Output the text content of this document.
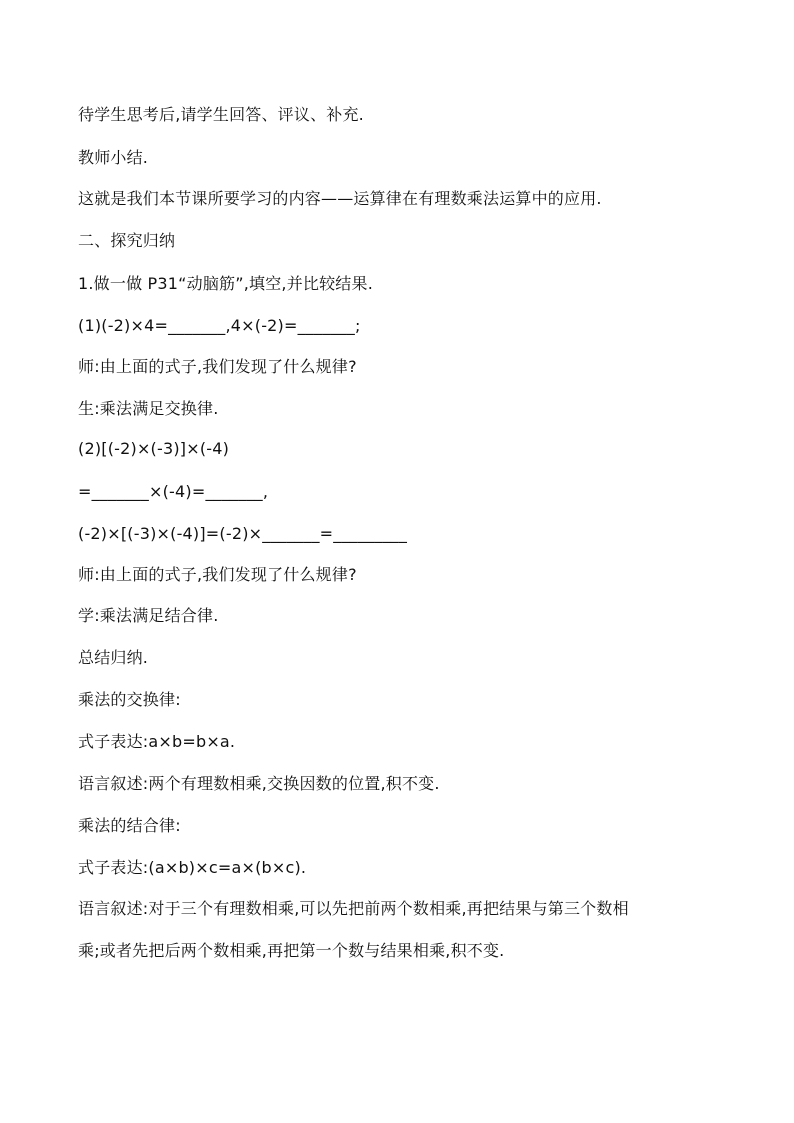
待学生思考后,请学生回答、评议、补充.
教师小结.
这就是我们本节课所要学习的内容——运算律在有理数乘法运算中的应用.
二、探究归纳
1.做一做 P31“动脑筋”,填空,并比较结果.
(1)(-2)×4=_______,4×(-2)=_______;
师:由上面的式子,我们发现了什么规律?
生:乘法满足交换律.
(2)[(-2)×(-3)]×(-4)
=_______×(-4)=_______,
(-2)×[(-3)×(-4)]=(-2)×_______=_________
师:由上面的式子,我们发现了什么规律?
学:乘法满足结合律.
总结归纳.
乘法的交换律:
式子表达:a×b=b×a.
语言叙述:两个有理数相乘,交换因数的位置,积不变.
乘法的结合律:
式子表达:(a×b)×c=a×(b×c).
语言叙述:对于三个有理数相乘,可以先把前两个数相乘,再把结果与第三个数相
乘;或者先把后两个数相乘,再把第一个数与结果相乘,积不变.
